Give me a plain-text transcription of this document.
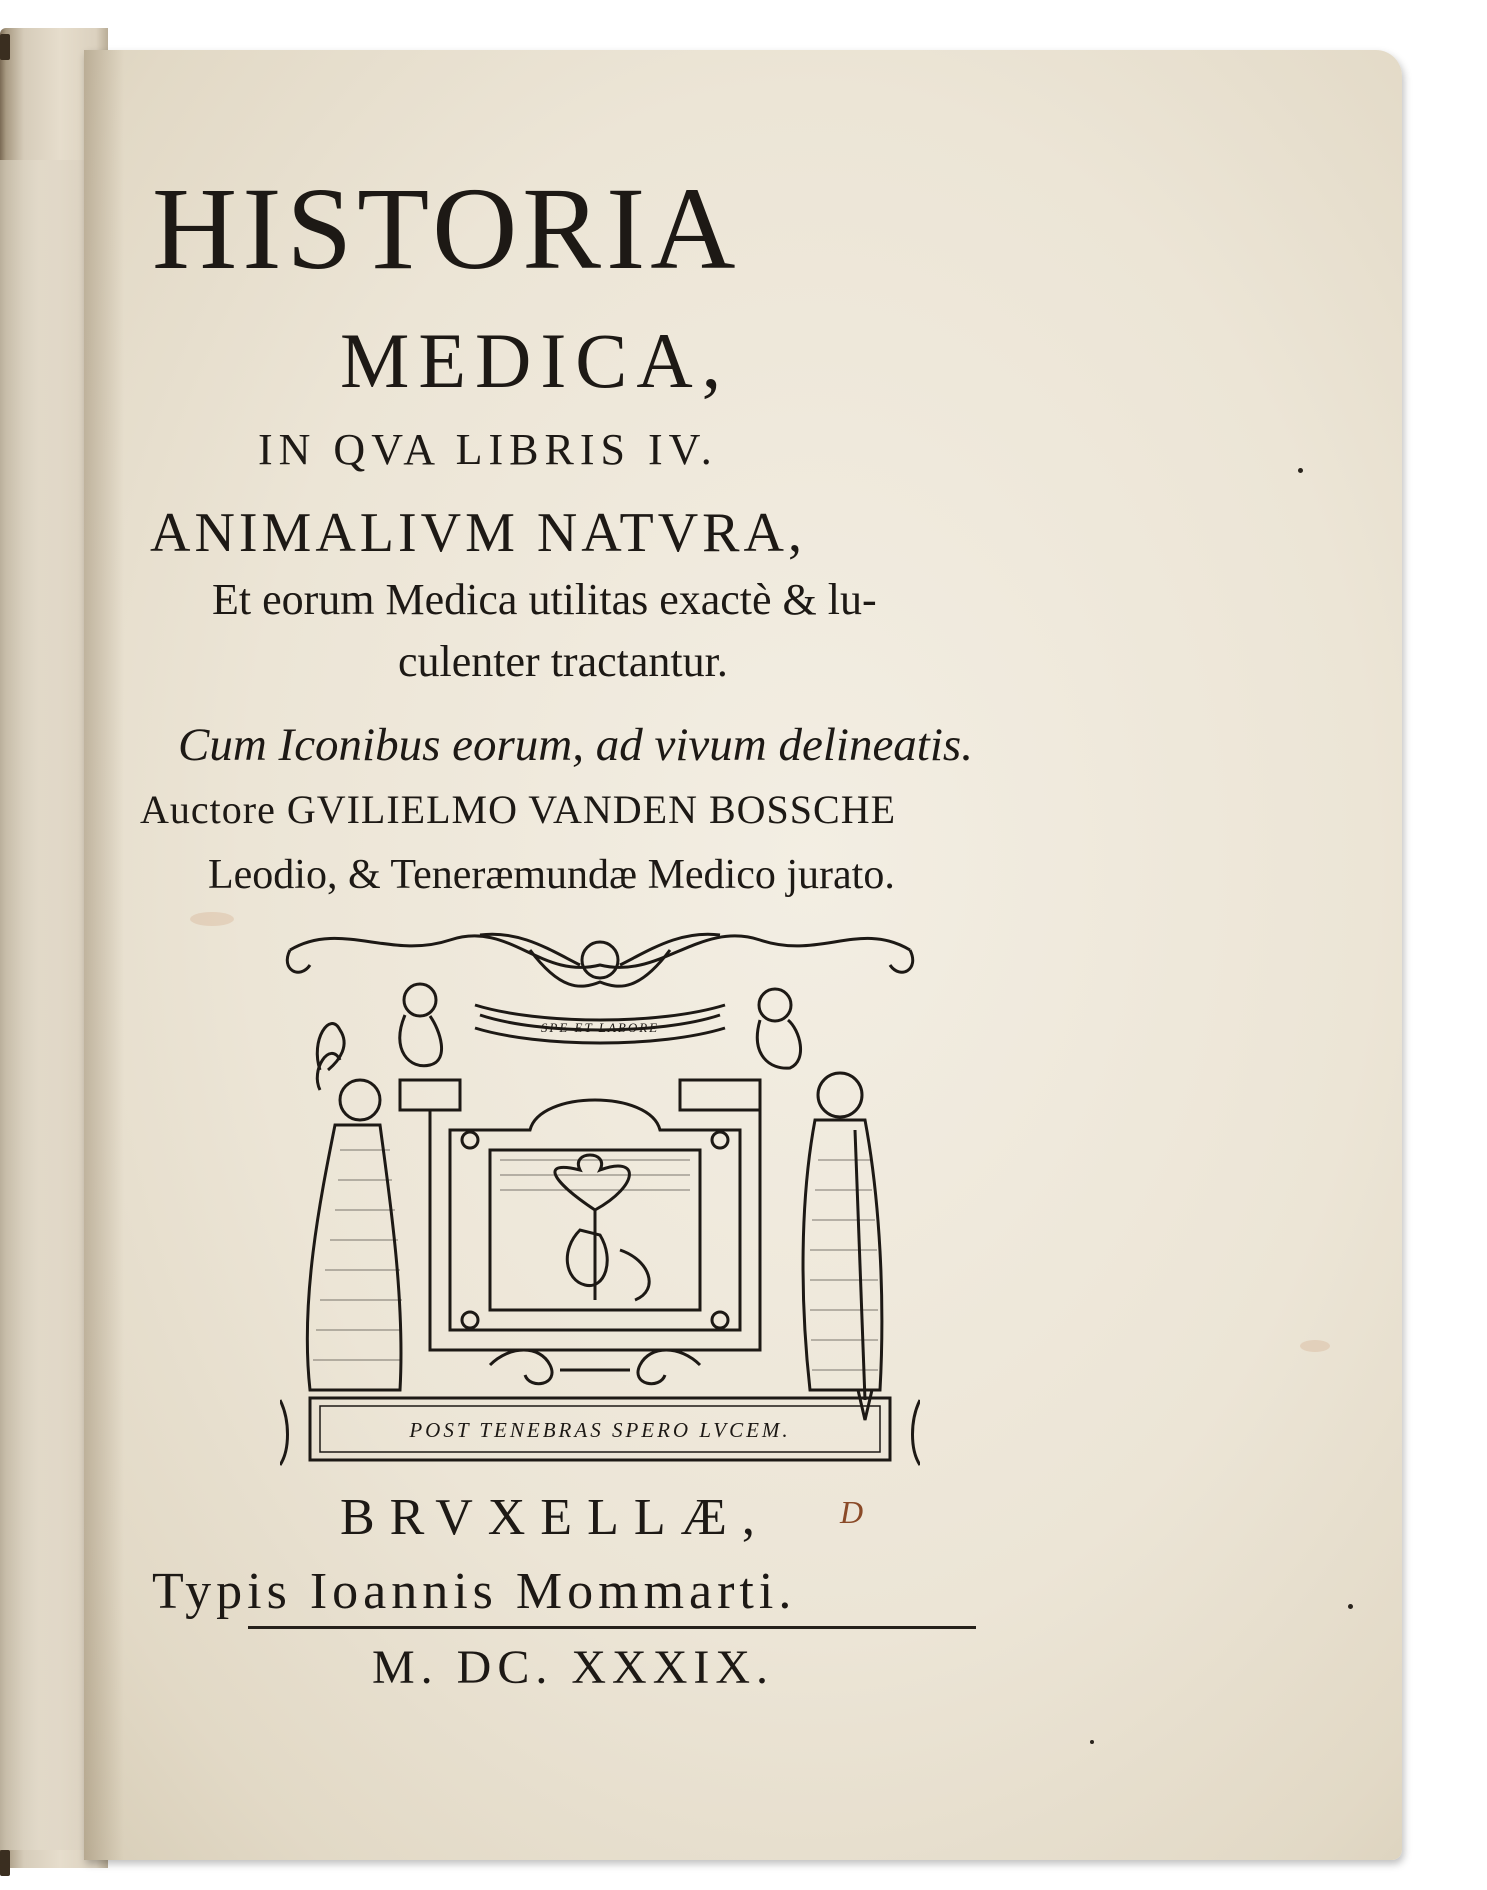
HISTORIA
MEDICA,
IN QVA LIBRIS IV.
ANIMALIVM NATVRA,
Et eorum Medica utilitas exactè & lu-
culenter tractantur.
Cum Iconibus eorum, ad vivum delineatis.
Auctore GVILIELMO VANDEN BOSSCHE
Leodio, & Teneræmundæ Medico jurato.
SPE ET LABORE
POST TENEBRAS SPERO LVCEM.
BRVXELLÆ, D
Typis Ioannis Mommarti.
M. DC. XXXIX.
